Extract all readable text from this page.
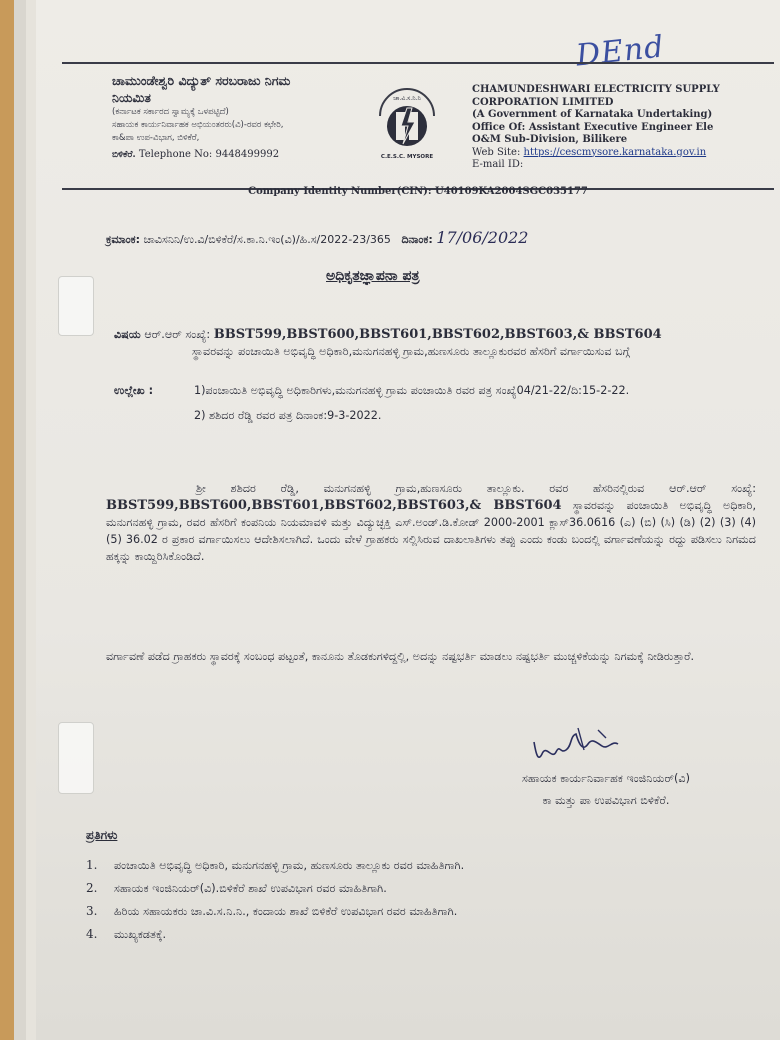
DEnd
ಚಾಮುಂಡೇಶ್ವರಿ ವಿದ್ಯುತ್ ಸರಬರಾಜು ನಿಗಮ
ನಿಯಮಿತ
(ಕರ್ನಾಟಕ ಸರ್ಕಾರದ ಸ್ವಾಮ್ಯಕ್ಕೆ ಒಳಪಟ್ಟಿದೆ)
ಸಹಾಯಕ ಕಾರ್ಯನಿರ್ವಾಹಕ ಅಭಿಯಂತರರು(ವಿ)-ರವರ ಕಛೇರಿ,
ಕಾ&ಪಾ ಉಪ-ವಿಭಾಗ, ಬಿಳಿಕೆರೆ,
ಬಿಳಿಕೆರೆ. Telephone No: 9448499992
ಚಾ.ವಿ.ಸ.ನಿ.ನಿ
C.E.S.C. MYSORE
CHAMUNDESHWARI ELECTRICITY SUPPLY
CORPORATION LIMITED
(A Government of Karnataka Undertaking)
Office Of: Assistant Executive Engineer Ele
O&M Sub-Division, Bilikere
Web Site: https://cescmysore.karnataka.gov.in
E-mail ID:
Company Identity Number(CIN): U40109KA2004SGC035177
ಕ್ರಮಾಂಕ: ಚಾವಿಸನಿನಿ/ಉ.ವಿ/ಬಿಳಿಕೆರೆ/ಸ.ಕಾ.ನಿ.ಇಂ(ವಿ)/ಹಿ.ಸ/2022-23/365 ದಿನಾಂಕ: 17/06/2022
ಅಧಿಕೃತಜ್ಞಾಪನಾ ಪತ್ರ
ವಿಷಯ ಆರ್.ಆರ್ ಸಂಖ್ಯೆ: BBST599,BBST600,BBST601,BBST602,BBST603,& BBST604
ಸ್ಥಾವರವನ್ನು ಪಂಚಾಯಿತಿ ಅಭಿವೃದ್ಧಿ ಅಧಿಕಾರಿ,ಮನುಗನಹಳ್ಳಿ ಗ್ರಾಮ,ಹುಣಸೂರು ತಾಲ್ಲೂಕುರವರ ಹೆಸರಿಗೆ ವರ್ಗಾಯಿಸುವ ಬಗ್ಗೆ
ಉಲ್ಲೇಖ :	1)ಪಂಚಾಯಿತಿ ಅಭಿವೃದ್ಧಿ ಅಧಿಕಾರಿಗಳು,ಮನುಗನಹಳ್ಳಿ ಗ್ರಾಮ ಪಂಚಾಯಿತಿ ರವರ ಪತ್ರ ಸಂಖ್ಯೆ04/21-22/ದಿ:15-2-22.
2) ಶಶಿದರ ರೆಡ್ಡಿ ರವರ ಪತ್ರ ದಿನಾಂಕ:9-3-2022.
ಶ್ರೀ ಶಶಿದರ ರೆಡ್ಡಿ, ಮನುಗನಹಳ್ಳಿ ಗ್ರಾಮ,ಹುಣಸೂರು ತಾಲ್ಲೂಕು. ರವರ ಹೆಸರಿನಲ್ಲಿರುವ ಆರ್.ಆರ್ ಸಂಖ್ಯೆ: BBST599,BBST600,BBST601,BBST602,BBST603,& BBST604 ಸ್ಥಾವರವನ್ನು ಪಂಚಾಯಿತಿ ಅಭಿವೃದ್ಧಿ ಅಧಿಕಾರಿ, ಮನುಗನಹಳ್ಳಿ ಗ್ರಾಮ, ರವರ ಹೆಸರಿಗೆ ಕಂಪನಿಯ ನಿಯಮಾವಳಿ ಮತ್ತು ವಿದ್ಯುಚ್ಛಕ್ತಿ ಎಸ್.ಅಂಡ್.ಡಿ.ಕೋಡ್ 2000-2001 ಕ್ಲಾಸ್36.0616 (ಎ) (ಬಿ) (ಸಿ) (ಡಿ) (2) (3) (4) (5) 36.02 ರ ಪ್ರಕಾರ ವರ್ಗಾಯಿಸಲು ಆದೇಶಿಸಲಾಗಿದೆ. ಒಂದು ವೇಳೆ ಗ್ರಾಹಕರು ಸಲ್ಲಿಸಿರುವ ದಾಖಲಾತಿಗಳು ತಪ್ಪು ಎಂದು ಕಂಡು ಬಂದಲ್ಲಿ ವರ್ಗಾವಣೆಯನ್ನು ರದ್ದು ಪಡಿಸಲು ನಿಗಮದ ಹಕ್ಕನ್ನು ಕಾಯ್ದಿರಿಸಿಕೊಂಡಿದೆ.
ವರ್ಗಾವಣೆ ಪಡೆದ ಗ್ರಾಹಕರು ಸ್ಥಾವರಕ್ಕೆ ಸಂಬಂಧ ಪಟ್ಟಂತೆ, ಕಾನೂನು ತೊಡಕುಗಳಿದ್ದಲ್ಲಿ, ಅದನ್ನು ನಷ್ಟಭರ್ತಿ ಮಾಡಲು ನಷ್ಟಭರ್ತಿ ಮುಚ್ಚಳಿಕೆಯನ್ನು ನಿಗಮಕ್ಕೆ ನೀಡಿರುತ್ತಾರೆ.
ಸಹಾಯಕ ಕಾರ್ಯನಿರ್ವಾಹಕ ಇಂಜಿನಿಯರ್(ವಿ)
ಕಾ ಮತ್ತು ಪಾ ಉಪವಿಭಾಗ ಬಿಳಿಕೆರೆ.
ಪ್ರತಿಗಳು
1. ಪಂಚಾಯಿತಿ ಅಭಿವೃದ್ಧಿ ಅಧಿಕಾರಿ, ಮನುಗನಹಳ್ಳಿ ಗ್ರಾಮ, ಹುಣಸೂರು ತಾಲ್ಲೂಕು ರವರ ಮಾಹಿತಿಗಾಗಿ.
2. ಸಹಾಯಕ ಇಂಜಿನಿಯರ್(ವಿ).ಬಿಳಿಕೆರೆ ಶಾಖೆ ಉಪವಿಭಾಗ ರವರ ಮಾಹಿತಿಗಾಗಿ.
3. ಹಿರಿಯ ಸಹಾಯಕರು ಚಾ.ವಿ.ಸ.ನಿ.ನಿ., ಕಂದಾಯ ಶಾಖೆ ಬಿಳಿಕೆರೆ ಉಪವಿಭಾಗ ರವರ ಮಾಹಿತಿಗಾಗಿ.
4. ಮುಖ್ಯಕಡತಕ್ಕೆ.
